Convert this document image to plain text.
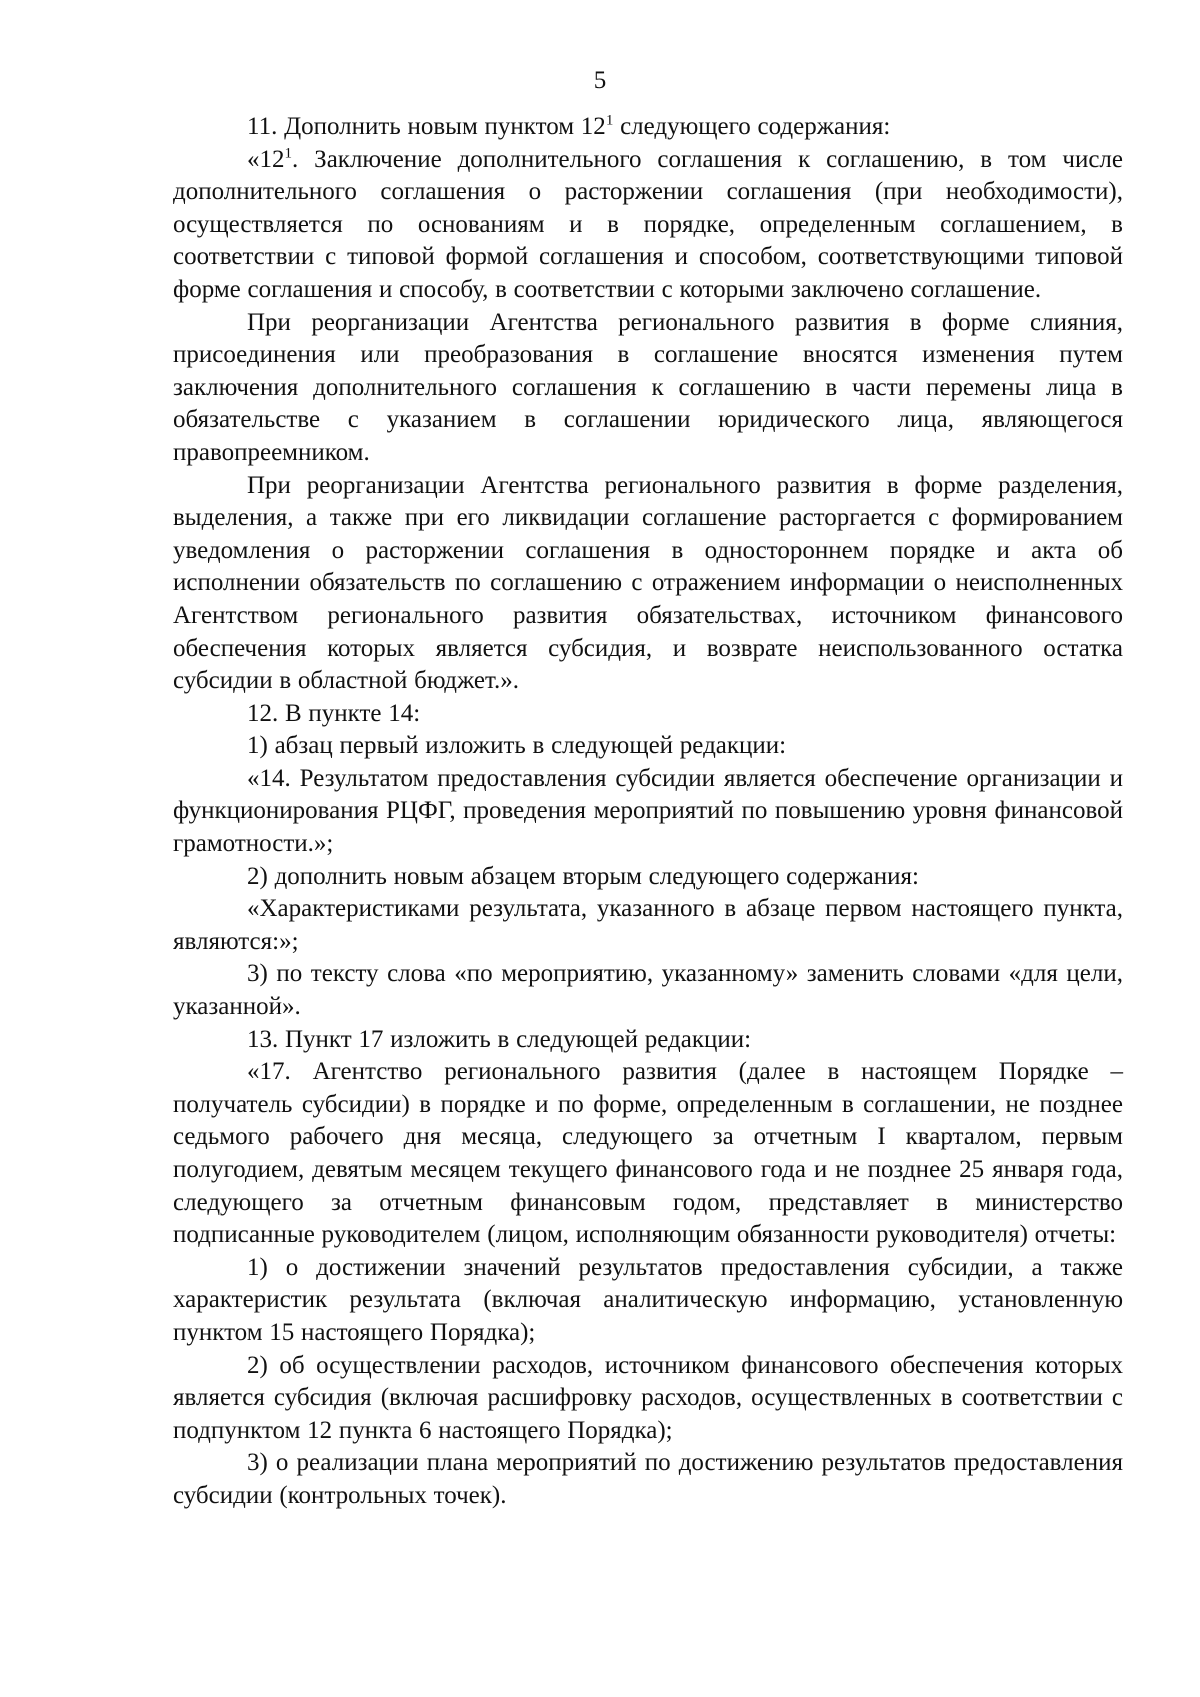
5

11. Дополнить новым пунктом $12^1$ следующего содержания:

«$12^1$. Заключение дополнительного соглашения к соглашению, в том числе дополнительного соглашения о расторжении соглашения (при необходимости), осуществляется по основаниям и в порядке, определенным соглашением, в соответствии с типовой формой соглашения и способом, соответствующими типовой форме соглашения и способу, в соответствии с которыми заключено соглашение.

При реорганизации Агентства регионального развития в форме слияния, присоединения или преобразования в соглашение вносятся изменения путем заключения дополнительного соглашения к соглашению в части перемены лица в обязательстве с указанием в соглашении юридического лица, являющегося правопреемником.

При реорганизации Агентства регионального развития в форме разделения, выделения, а также при его ликвидации соглашение расторгается с формированием уведомления о расторжении соглашения в одностороннем порядке и акта об исполнении обязательств по соглашению с отражением информации о неисполненных Агентством регионального развития обязательствах, источником финансового обеспечения которых является субсидия, и возврате неиспользованного остатка субсидии в областной бюджет.».

12. В пункте 14:

1) абзац первый изложить в следующей редакции:

«14. Результатом предоставления субсидии является обеспечение организации и функционирования РЦФГ, проведения мероприятий по повышению уровня финансовой грамотности.»;

2) дополнить новым абзацем вторым следующего содержания:

«Характеристиками результата, указанного в абзаце первом настоящего пункта, являются:»;

3) по тексту слова «по мероприятию, указанному» заменить словами «для цели, указанной».

13. Пункт 17 изложить в следующей редакции:

«17. Агентство регионального развития (далее в настоящем Порядке – получатель субсидии) в порядке и по форме, определенным в соглашении, не позднее седьмого рабочего дня месяца, следующего за отчетным I кварталом, первым полугодием, девятым месяцем текущего финансового года и не позднее 25 января года, следующего за отчетным финансовым годом, представляет в министерство подписанные руководителем (лицом, исполняющим обязанности руководителя) отчеты:

1) о достижении значений результатов предоставления субсидии, а также характеристик результата (включая аналитическую информацию, установленную пунктом 15 настоящего Порядка);

2) об осуществлении расходов, источником финансового обеспечения которых является субсидия (включая расшифровку расходов, осуществленных в соответствии с подпунктом 12 пункта 6 настоящего Порядка);

3) о реализации плана мероприятий по достижению результатов предоставления субсидии (контрольных точек).
